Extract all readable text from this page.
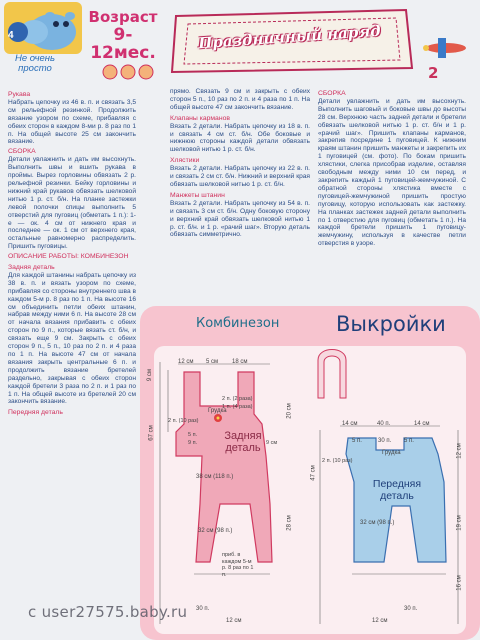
4
Возраст
9-12мес.
Не очень просто
Праздничный наряд
2
Рукава
Набрать цепочку из 46 в. п. и связать 3,5 см рельефной резинкой. Продолжить вязание узором по схеме, прибавляя с обеих сторон в каждом 8-ми р. 8 раз по 1 п. На общей высоте 25 см закончить вязание.
СБОРКА
Детали увлажнить и дать им высохнуть. Выполнить швы и вшить рукава в проймы. Вырез горловины обвязать 2 р. рельефной резинки. Бейку горловины и нижний край рукавов обвязать шелковой нитью 1 р. ст. б/н. На планке застежки левой полочки спицы выполнить 5 отверстий для пуговиц (обметать 1 п.): 1-е — ок. 4 см от нижнего края и последнее — ок. 1 см от верхнего края, остальные равномерно распределить. Пришить пуговицы.
ОПИСАНИЕ РАБОТЫ: КОМБИНЕЗОН
Задняя деталь
Для каждой штанины набрать цепочку из 38 в. п. и вязать узором по схеме, прибавляя со стороны внутреннего шва в каждом 5-м р. 8 раз по 1 п. На высоте 16 см объединить петли обеих штанин, набрав между ними 6 п. На высоте 28 см от начала вязания прибавить с обеих сторон по 9 п., которые вязать ст. б/н, и связать еще 9 см. Закрыть с обеих сторон 9 п., 5 п., 10 раз по 2 п. и 4 раза по 1 п. На высоте 47 см от начала вязания закрыть центральные 6 п. и продолжить вязание бретелей раздельно, закрывая с обеих сторон каждой бретели 3 раза по 2 п. и 1 раз по 1 п. На общей высоте из бретелей 20 см закончить вязание.
Передняя деталь
прямо. Связать 9 см и закрыть с обеих сторон 5 п., 10 раз по 2 п. и 4 раза по 1 п. На общей высоте 47 см закончить вязание.
Клапаны карманов
Вязать 2 детали. Набрать цепочку из 18 в. п. и связать 4 см ст. б/н. Обе боковые и нижнюю стороны каждой детали обвязать шелковой нитью 1 р. ст. б/н.
Хлястики
Вязать 2 детали. Набрать цепочку из 22 в. п. и связать 2 см ст. б/н. Нижний и верхний края обвязать шелковой нитью 1 р. ст. б/н.
Манжеты штанин
Вязать 2 детали. Набрать цепочку из 54 в. п. и связать 3 см ст. б/н. Одну боковую сторону и верхний край обвязать шелковой нитью 1 р. ст. б/н. и 1 р. «рачий шаг». Вторую деталь обвязать симметрично.
СБОРКА
Детали увлажнить и дать им высохнуть. Выполнить шаговый и боковые швы до высоты 28 см. Верхнюю часть задней детали и бретели обвязать шелковой нитью 1 р. ст. б/н и 1 р. «рачий шаг». Пришить клапаны карманов, закрепив посредине 1 пуговицей. К нижним краям штанин пришить манжеты и закрепить их 1 пуговицей (см. фото). По бокам пришить хлястики, слегка присобрав изделие, оставляя свободным между ними 10 см перед, и закрепить каждый 1 пуговицей-жемчужиной. С обратной стороны хлястика вместе с пуговицей-жемчужиной пришить простую пуговицу, которую использовать как застежку. На планках застежек задней детали выполнить по 1 отверстию для пуговиц (обметать 1 п.). На каждой бретели пришить 1 пуговицу-жемчужину, используя в качестве петли отверстия в узоре.
Комбинезон	Выкройки
Задняя
деталь
Передняя
деталь
Грудка
Грудка
12 см 5 см 18 см
14 см	40 п.	14 см
5 п.	30 п. 5 п.
9 см
67 см
20 см
47 см
12 см
19 см
16 см
28 см
2 п. (2 раза)
1 п. (4 раза)
2 п. (10 раз)
2 п. (10 раз)
5 п.
9 п.	9 см
38 см (118 п.)
32 см (98 п.)
32 см (98 п.)
приб. в каждом 5-м р. 8 раз по 1 п.
30 п.
12 см	12 см
30 п.
c user27575.baby.ru
